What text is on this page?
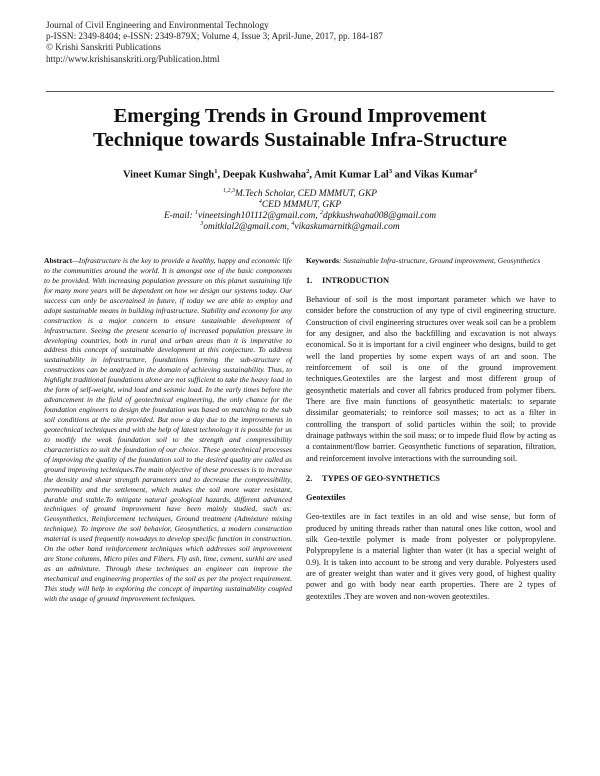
Journal of Civil Engineering and Environmental Technology
p-ISSN: 2349-8404; e-ISSN: 2349-879X; Volume 4, Issue 3; April-June, 2017, pp. 184-187
© Krishi Sanskriti Publications
http://www.krishisanskriti.org/Publication.html
Emerging Trends in Ground Improvement
Technique towards Sustainable Infra-Structure
Vineet Kumar Singh$^1$, Deepak Kushwaha$^2$, Amit Kumar Lal$^3$ and Vikas Kumar$^4$
$^{1,2,3}$M.Tech Scholar, CED MMMUT, GKP
$^4$CED MMMUT, GKP
E-mail: $^1$vineetsingh101112@gmail.com, $^2$dpkkushwaha008@gmail.com
$^3$omitklal2@gmail.com, $^4$vikaskumarnitk@gmail.com
Abstract—Infrastructure is the key to provide a healthy, happy and economic life to the communities around the world. It is amongst one of the basic components to be provided. With increasing population pressure on this planet sustaining life for many more years will be dependent on how we design our systems today. Our success can only be ascertained in future, if today we are able to employ and adopt sustainable means in building infrastructure. Stability and economy for any construction is a major concern to ensure sustainable development of infrastructure. Seeing the present scenario of increased population pressure in developing countries, both in rural and urban areas than it is imperative to address this concept of sustainable development at this conjecture. To address sustainability in infrastructure, foundations forming the sub-structure of constructions can be analyzed in the domain of achieving sustainability. Thus, to highlight traditional foundations alone are not sufficient to take the heavy load in the form of self-weight, wind load and seismic load. In the early times before the advancement in the field of geotechnical engineering, the only chance for the foundation engineers to design the foundation was based on matching to the sub soil conditions at the site provided. But now a day due to the improvements in geotechnical techniques and with the help of latest technology it is possible for us to modify the weak foundation soil to the strength and compressibility characteristics to suit the foundation of our choice. These geotechnical processes of improving the quality of the foundation soil to the desired quality are called as ground improving techniques.The main objective of these processes is to increase the density and shear strength parameters and to decrease the compressibility, permeability and the settlement, which makes the soil more water resistant, durable and stable.To mitigate natural geological hazards, different advanced techniques of ground improvement have been mainly studied, such as: Geosynthetics, Reinforcement techniques, Ground treatment (Admixture mixing technique). To improve the soil behavior, Geosynthetics, a modern construction material is used frequently nowadays to develop specific function in construction. On the other hand reinforcement techniques which addresses soil improvement are Stone columns, Micro piles and Fibers. Fly ash, lime, cement, surkhi are used as an admixture. Through these techniques an engineer can improve the mechanical and engineering properties of the soil as per the project requirement. This study will help in exploring the concept of imparting sustainability coupled with the usage of ground improvement techniques.
Keywords: Sustainable Infra-structure, Ground improvement, Geosynthetics
1. INTRODUCTION
Behaviour of soil is the most important parameter which we have to consider before the construction of any type of civil engineering structure. Construction of civil engineering structures over weak soil can be a problem for any designer, and also the backfilling and excavation is not always economical. So it is important for a civil engineer who designs, build to get well the land properties by some expert ways of art and soon. The reinforcement of soil is one of the ground improvement techniques.Geotextiles are the largest and most different group of geosynthetic materials and cover all fabrics produced from polymer fibers. There are five main functions of geosynthetic materials: to separate dissimilar geomaterials; to reinforce soil masses; to act as a filter in controlling the transport of solid particles within the soil; to provide drainage pathways within the soil mass; or to impede fluid flow by acting as a containment/flow barrier. Geosynthetic functions of separation, filtration, and reinforcement involve interactions with the surrounding soil.
2. TYPES OF GEO-SYNTHETICS
Geotextiles
Geo-textiles are in fact textiles in an old and wise sense, but form of produced by uniting threads rather than natural ones like cotton, wool and silk Geo-textile polymer is made from polyester or polypropylene. Polypropylene is a material lighter than water (it has a special weight of 0.9). It is taken into account to be strong and very durable. Polyesters used are of greater weight than water and it gives very good, of highest quality power and go with body near earth properties. There are 2 types of geotextiles .They are woven and non-woven geotextiles.
